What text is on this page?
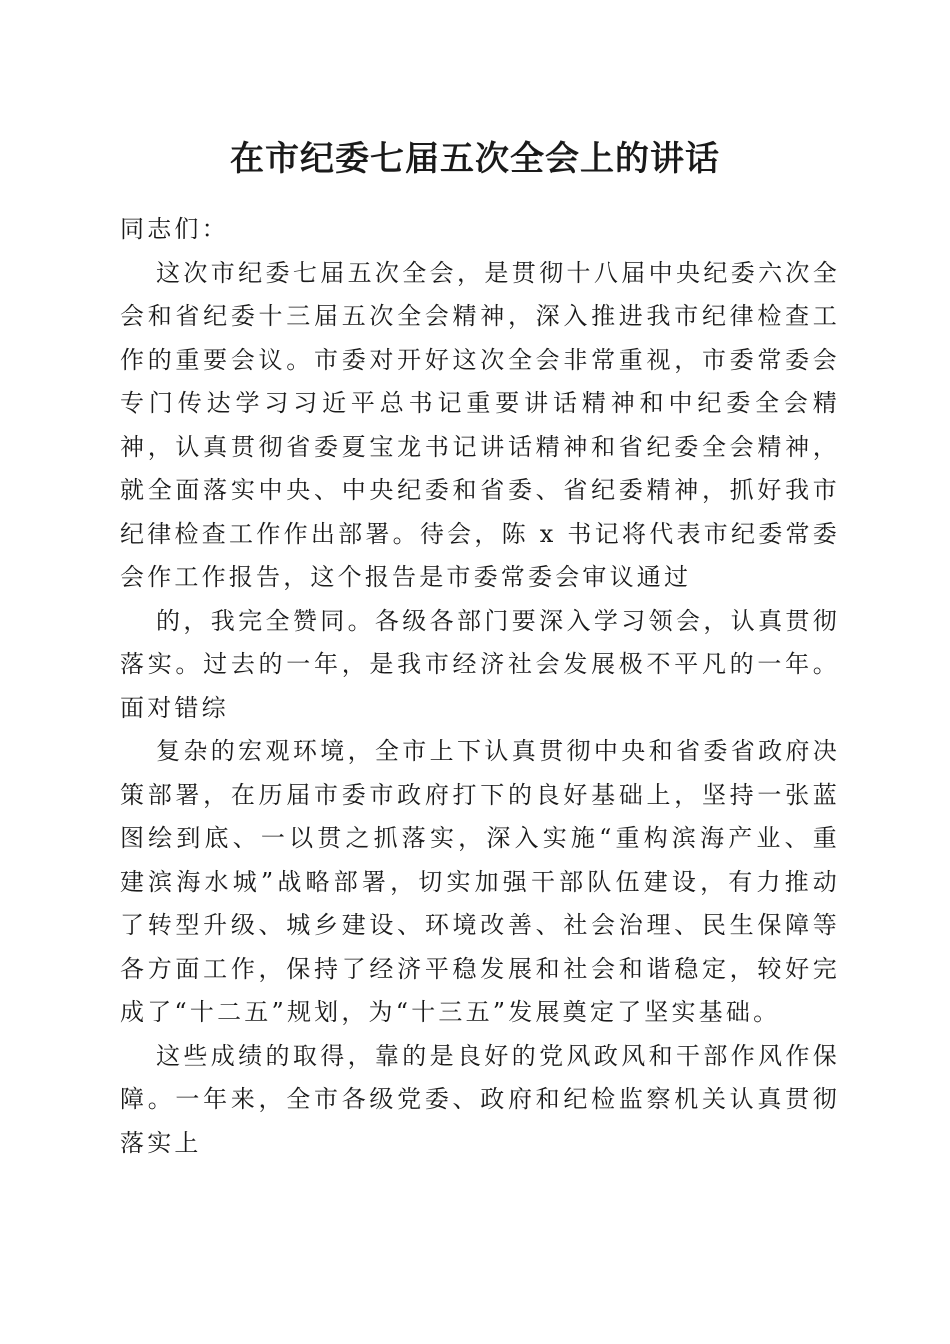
在市纪委七届五次全会上的讲话

同志们：

这次市纪委七届五次全会，是贯彻十八届中央纪委六次全会和省纪委十三届五次全会精神，深入推进我市纪律检查工作的重要会议。市委对开好这次全会非常重视，市委常委会专门传达学习习近平总书记重要讲话精神和中纪委全会精神，认真贯彻省委夏宝龙书记讲话精神和省纪委全会精神，就全面落实中央、中央纪委和省委、省纪委精神，抓好我市纪律检查工作作出部署。待会，陈 x 书记将代表市纪委常委会作工作报告，这个报告是市委常委会审议通过

的，我完全赞同。各级各部门要深入学习领会，认真贯彻落实。过去的一年，是我市经济社会发展极不平凡的一年。面对错综

复杂的宏观环境，全市上下认真贯彻中央和省委省政府决策部署，在历届市委市政府打下的良好基础上，坚持一张蓝图绘到底、一以贯之抓落实，深入实施“重构滨海产业、重建滨海水城”战略部署，切实加强干部队伍建设，有力推动了转型升级、城乡建设、环境改善、社会治理、民生保障等各方面工作，保持了经济平稳发展和社会和谐稳定，较好完成了“十二五”规划，为“十三五”发展奠定了坚实基础。

这些成绩的取得，靠的是良好的党风政风和干部作风作保障。一年来，全市各级党委、政府和纪检监察机关认真贯彻落实上
